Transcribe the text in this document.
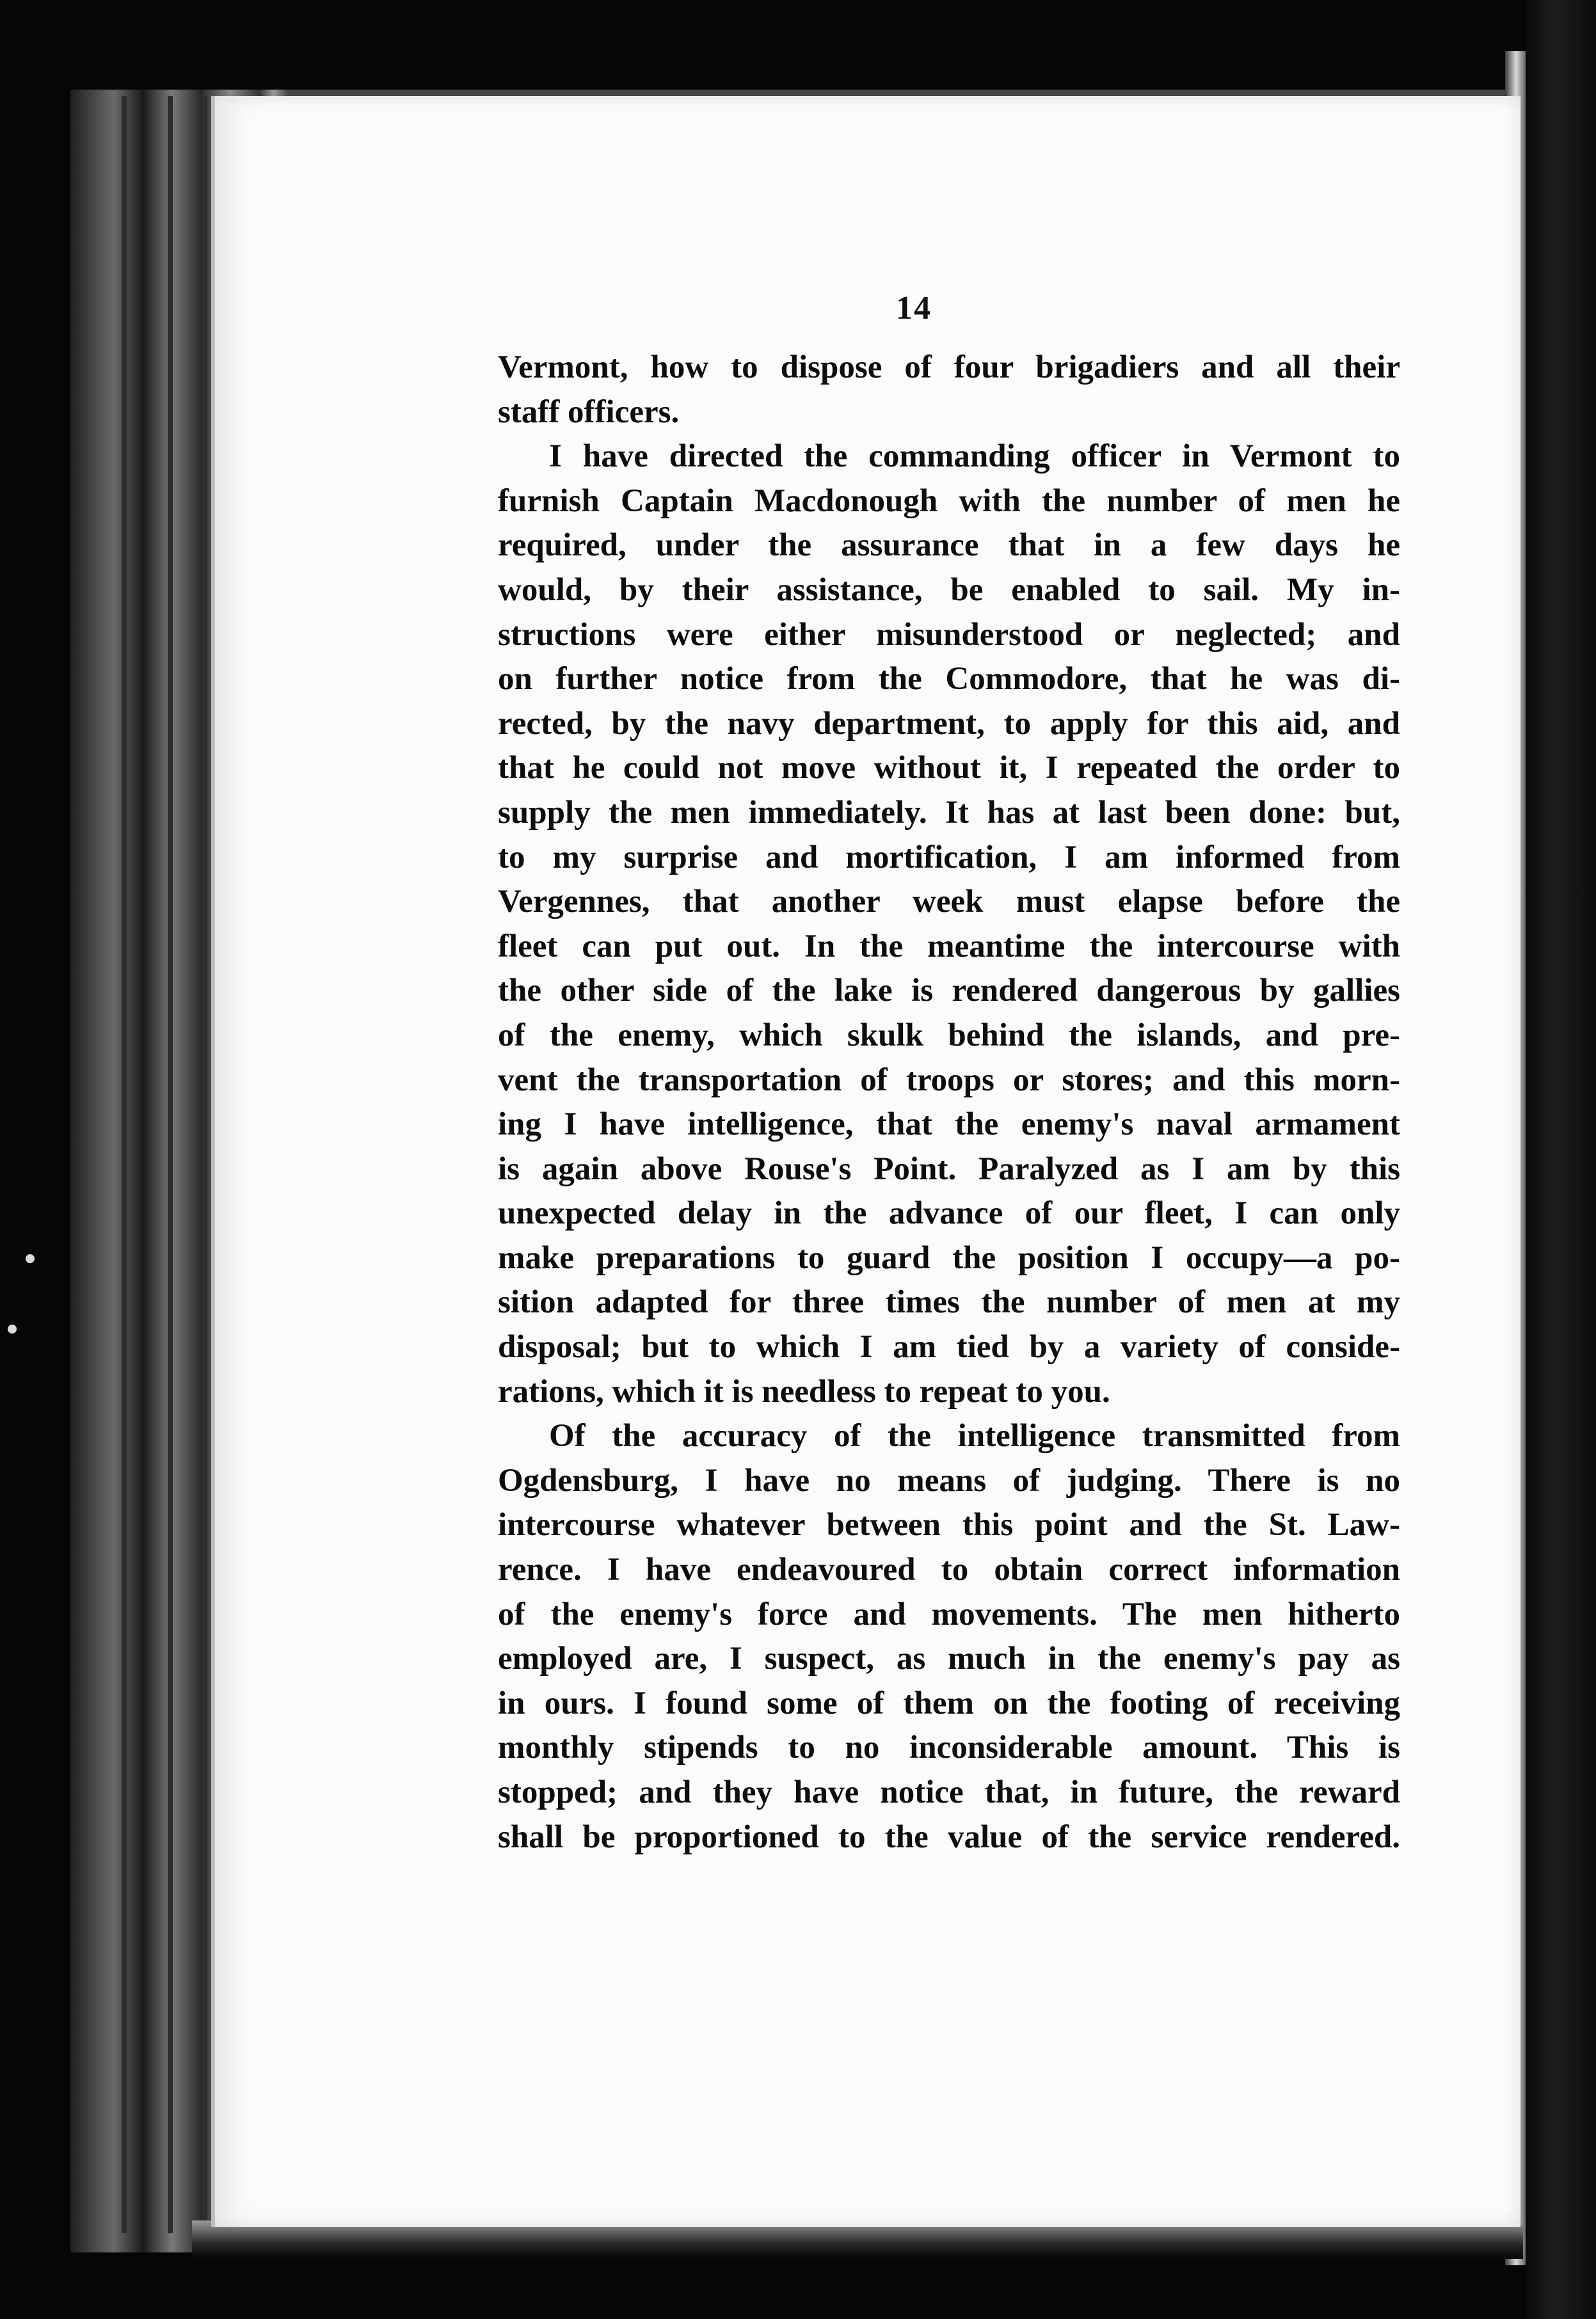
14
Vermont, how to dispose of four brigadiers and all their
staff officers.
I have directed the commanding officer in Vermont to
furnish Captain Macdonough with the number of men he
required, under the assurance that in a few days he
would, by their assistance, be enabled to sail. My in-
structions were either misunderstood or neglected; and
on further notice from the Commodore, that he was di-
rected, by the navy department, to apply for this aid, and
that he could not move without it, I repeated the order to
supply the men immediately. It has at last been done: but,
to my surprise and mortification, I am informed from
Vergennes, that another week must elapse before the
fleet can put out. In the meantime the intercourse with
the other side of the lake is rendered dangerous by gallies
of the enemy, which skulk behind the islands, and pre-
vent the transportation of troops or stores; and this morn-
ing I have intelligence, that the enemy's naval armament
is again above Rouse's Point. Paralyzed as I am by this
unexpected delay in the advance of our fleet, I can only
make preparations to guard the position I occupy—a po-
sition adapted for three times the number of men at my
disposal; but to which I am tied by a variety of conside-
rations, which it is needless to repeat to you.
Of the accuracy of the intelligence transmitted from
Ogdensburg, I have no means of judging. There is no
intercourse whatever between this point and the St. Law-
rence. I have endeavoured to obtain correct information
of the enemy's force and movements. The men hitherto
employed are, I suspect, as much in the enemy's pay as
in ours. I found some of them on the footing of receiving
monthly stipends to no inconsiderable amount. This is
stopped; and they have notice that, in future, the reward
shall be proportioned to the value of the service rendered.
